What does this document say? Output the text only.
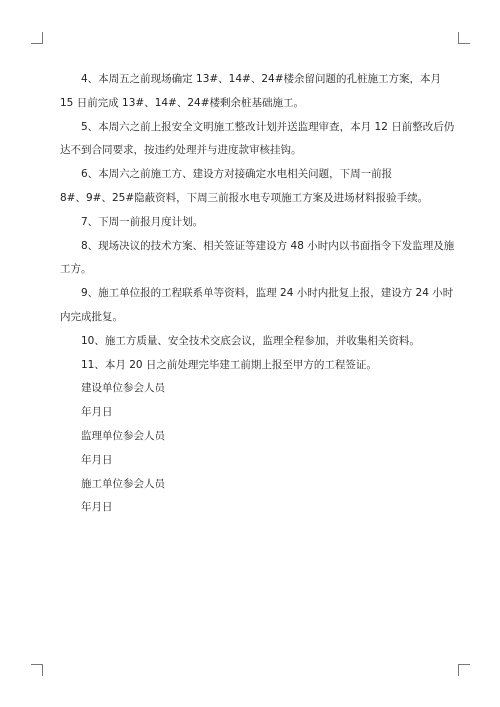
4、本周五之前现场确定 13#、14#、24#楼余留问题的孔桩施工方案，本月
15 日前完成 13#、14#、24#楼剩余桩基础施工。

5、本周六之前上报安全文明施工整改计划并送监理审查，本月 12 日前整改后仍
达不到合同要求，按违约处理并与进度款审核挂钩。

6、本周六之前施工方、建设方对接确定水电相关问题，下周一前报
8#、9#、25#隐蔽资料，下周三前报水电专项施工方案及进场材料报验手续。

7、下周一前报月度计划。

8、现场决议的技术方案、相关签证等建设方 48 小时内以书面指令下发监理及施
工方。

9、施工单位报的工程联系单等资料，监理 24 小时内批复上报，建设方 24 小时
内完成批复。

10、施工方质量、安全技术交底会议，监理全程参加，并收集相关资料。

11、本月 20 日之前处理完毕建工前期上报至甲方的工程签证。

建设单位参会人员
年月日
监理单位参会人员
年月日
施工单位参会人员
年月日
